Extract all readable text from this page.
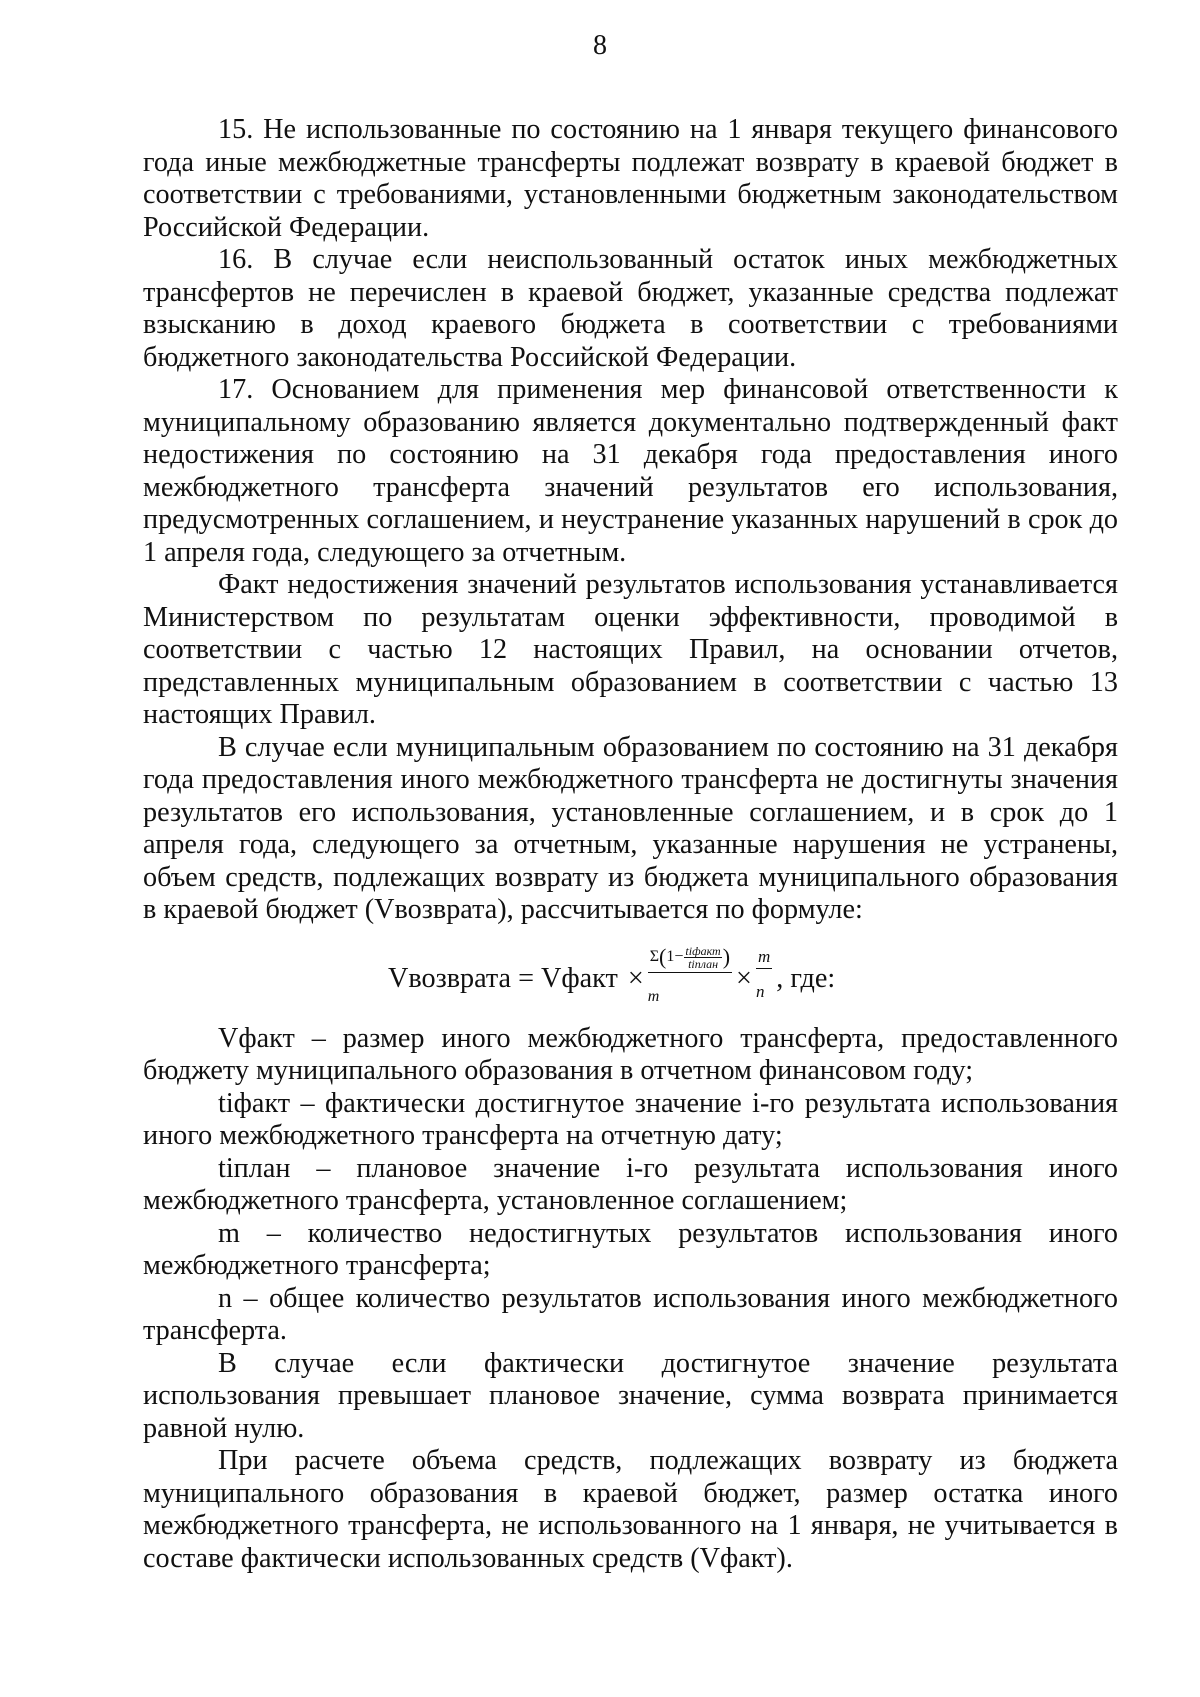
8

15. Не использованные по состоянию на 1 января текущего финансового года иные межбюджетные трансферты подлежат возврату в краевой бюджет в соответствии с требованиями, установленными бюджетным законодательством Российской Федерации.

16. В случае если неиспользованный остаток иных межбюджетных трансфертов не перечислен в краевой бюджет, указанные средства подлежат взысканию в доход краевого бюджета в соответствии с требованиями бюджетного законодательства Российской Федерации.

17. Основанием для применения мер финансовой ответственности к муниципальному образованию является документально подтвержденный факт недостижения по состоянию на 31 декабря года предоставления иного межбюджетного трансферта значений результатов его использования, предусмотренных соглашением, и неустранение указанных нарушений в срок до 1 апреля года, следующего за отчетным.

Факт недостижения значений результатов использования устанавливается Министерством по результатам оценки эффективности, проводимой в соответствии с частью 12 настоящих Правил, на основании отчетов, представленных муниципальным образованием в соответствии с частью 13 настоящих Правил.

В случае если муниципальным образованием по состоянию на 31 декабря года предоставления иного межбюджетного трансферта не достигнуты значения результатов его использования, установленные соглашением, и в срок до 1 апреля года, следующего за отчетным, указанные нарушения не устранены, объем средств, подлежащих возврату из бюджета муниципального образования в краевой бюджет (Vвозврата), рассчитывается по формуле:

Vвозврата = Vфакт ×
Σ ( $1- \frac{\text{tiфакт}}{\text{tiплан}}$ )
m
× $\frac{m}{n}$ , где:

Vфакт – размер иного межбюджетного трансферта, предоставленного бюджету муниципального образования в отчетном финансовом году;

tiфакт – фактически достигнутое значение i-го результата использования иного межбюджетного трансферта на отчетную дату;

tiплан – плановое значение i-го результата использования иного межбюджетного трансферта, установленное соглашением;

m – количество недостигнутых результатов использования иного межбюджетного трансферта;

n – общее количество результатов использования иного межбюджетного трансферта.

В случае если фактически достигнутое значение результата использования превышает плановое значение, сумма возврата принимается равной нулю.

При расчете объема средств, подлежащих возврату из бюджета муниципального образования в краевой бюджет, размер остатка иного межбюджетного трансферта, не использованного на 1 января, не учитывается в составе фактически использованных средств (Vфакт).
